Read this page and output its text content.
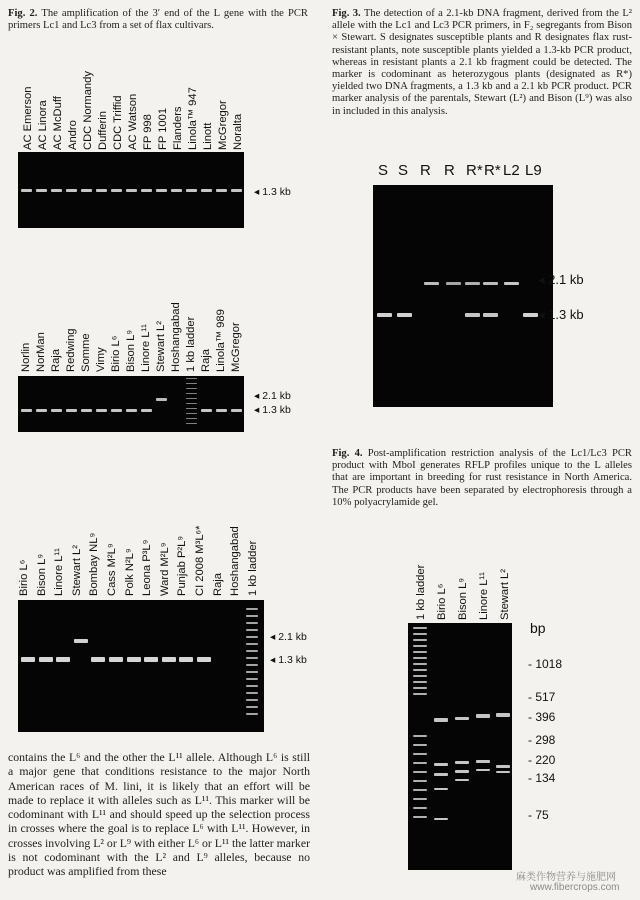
Fig. 2. The amplification of the 3′ end of the L gene with the PCR primers Lc1 and Lc3 from a set of flax cultivars.
AC Emerson AC Linora AC McDuff Andro CDC Normandy Dufferin CDC Triffid AC Watson FP 998 FP 1001 Flanders Linola™ 947 Linott McGregor Noralta
◂ 1.3 kb
Norlin NorMan Raja Redwing Somme Vimy Birio L⁶ Bison L⁹ Linore L¹¹ Stewart L² Hoshangabad 1 kb ladder Raja Linola™ 989 McGregor
◂ 2.1 kb
◂ 1.3 kb
Birio L⁶ Bison L⁹ Linore L¹¹ Stewart L² Bombay NL⁹ Cass M²L⁹ Polk N²L⁹ Leona P³L⁹ Ward M²L⁹ Punjab P²L⁹ CI 2008 M³L⁶* Raja Hoshangabad 1 kb ladder
◂ 2.1 kb
◂ 1.3 kb
contains the L⁶ and the other the L¹¹ allele. Although L⁶ is still a major gene that conditions resistance to the major North American races of M. lini, it is likely that an effort will be made to replace it with alleles such as L¹¹. This marker will be codominant with L¹¹ and should speed up the selection process in crosses where the goal is to replace L⁶ with L¹¹. However, in crosses involving L² or L⁹ with either L⁶ or L¹¹ the latter marker is not codominant with the L² and L⁹ alleles, because no product was amplified from these
Fig. 3. The detection of a 2.1-kb DNA fragment, derived from the L² allele with the Lc1 and Lc3 PCR primers, in F₂ segregants from Bison × Stewart. S designates susceptible plants and R designates flax rust-resistant plants, note susceptible plants yielded a 1.3-kb PCR product, whereas in resistant plants a 2.1 kb fragment could be detected. The marker is codominant as heterozygous plants (designated as R*) yielded two DNA fragments, a 1.3 kb and a 2.1 kb PCR product. PCR marker analysis of the parentals, Stewart (L²) and Bison (L⁹) was also in included in this analysis.
S S R R R* R* L2 L9
◂ 2.1 kb
◂ 1.3 kb
Fig. 4. Post-amplification restriction analysis of the Lc1/Lc3 PCR product with MboI generates RFLP profiles unique to the L alleles that are important in breeding for rust resistance in North America. The PCR products have been separated by electrophoresis through a 10% polyacrylamide gel.
1 kb ladder Birio L⁶ Bison L⁹ Linore L¹¹ Stewart L²
bp
- 1018
- 517
- 396
- 298
- 220
- 134
- 75
麻类作物营养与施肥网
www.fibercrops.com
